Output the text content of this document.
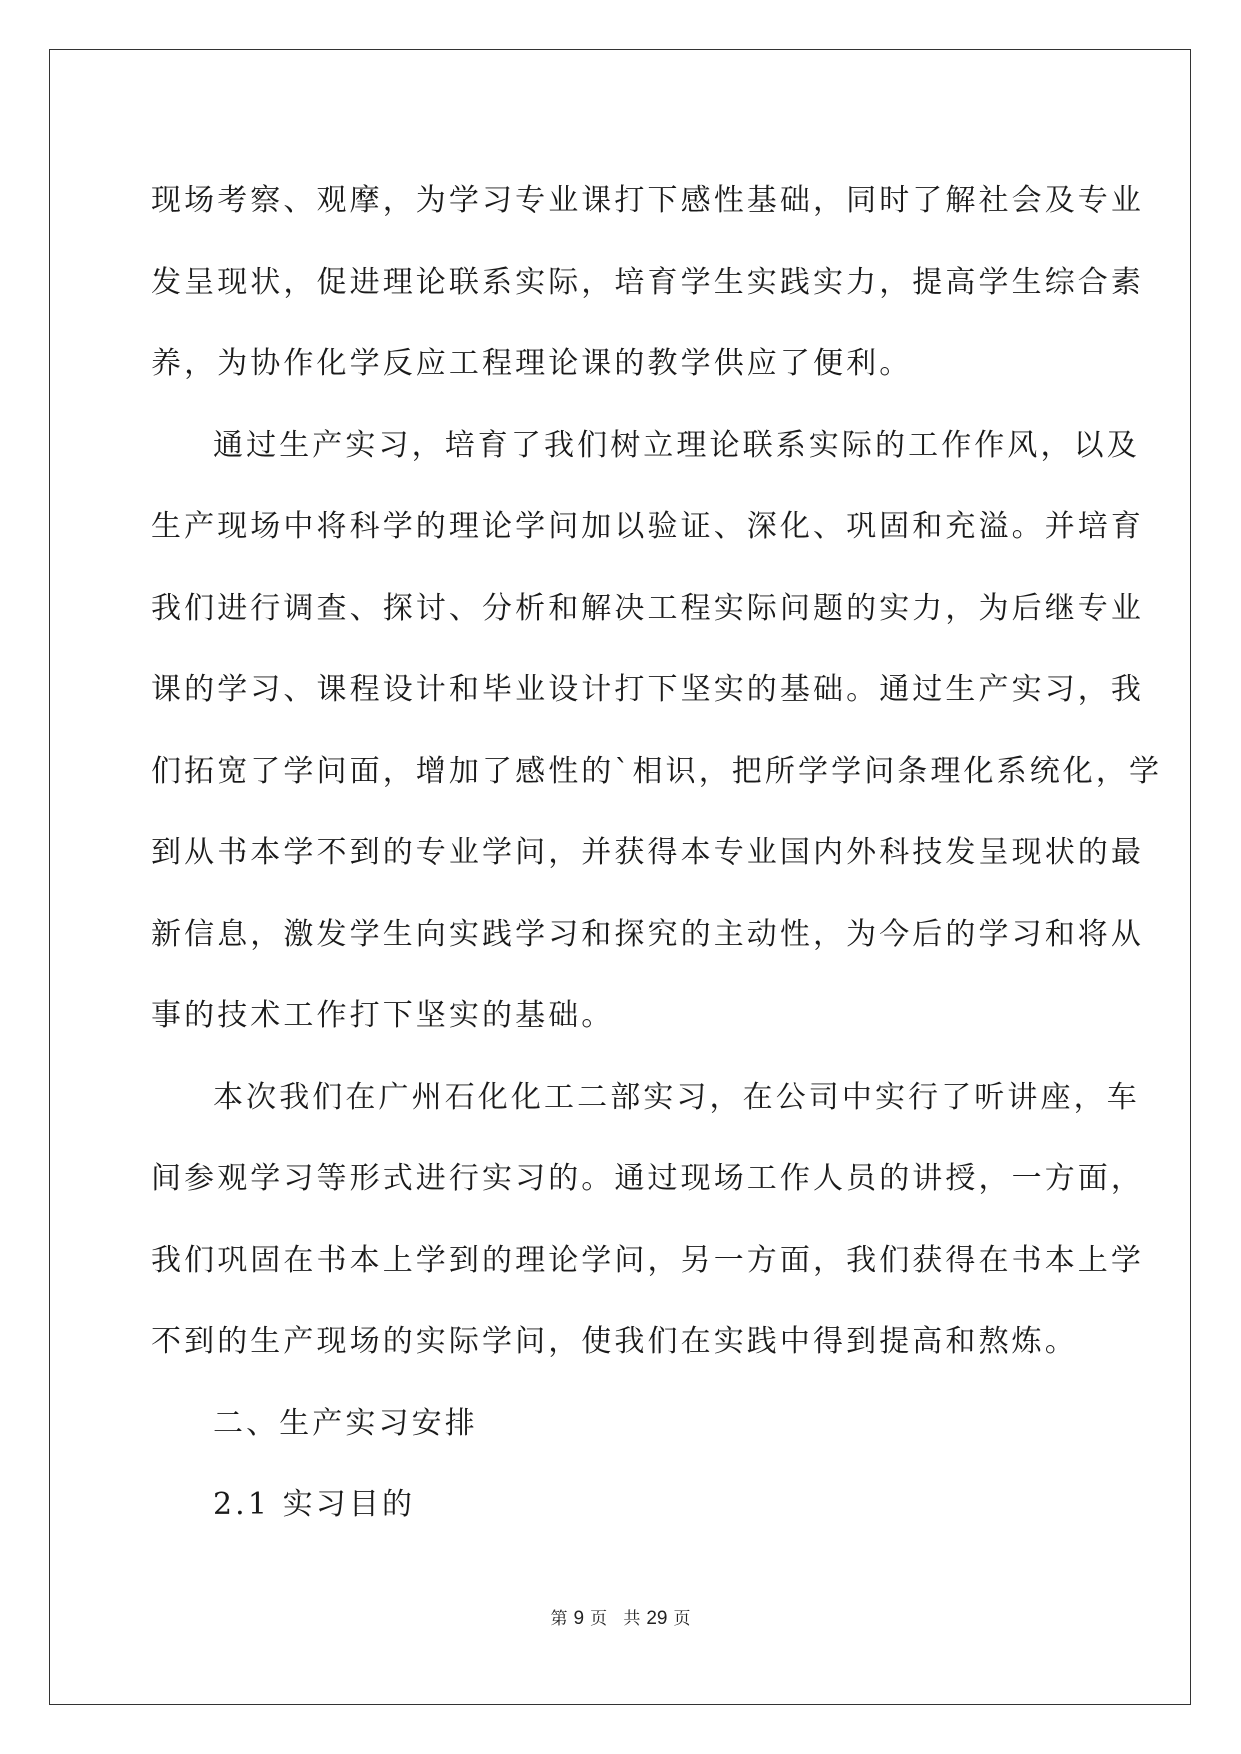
现场考察、观摩，为学习专业课打下感性基础，同时了解社会及专业

发呈现状，促进理论联系实际，培育学生实践实力，提高学生综合素

养，为协作化学反应工程理论课的教学供应了便利。

通过生产实习，培育了我们树立理论联系实际的工作作风，以及

生产现场中将科学的理论学问加以验证、深化、巩固和充溢。并培育

我们进行调查、探讨、分析和解决工程实际问题的实力，为后继专业

课的学习、课程设计和毕业设计打下坚实的基础。通过生产实习，我

们拓宽了学问面，增加了感性的`相识，把所学学问条理化系统化，学

到从书本学不到的专业学问，并获得本专业国内外科技发呈现状的最

新信息，激发学生向实践学习和探究的主动性，为今后的学习和将从

事的技术工作打下坚实的基础。

本次我们在广州石化化工二部实习，在公司中实行了听讲座，车

间参观学习等形式进行实习的。通过现场工作人员的讲授，一方面，

我们巩固在书本上学到的理论学问，另一方面，我们获得在书本上学

不到的生产现场的实际学问，使我们在实践中得到提高和熬炼。

二、生产实习安排

2.1 实习目的

第 9 页 共 29 页
